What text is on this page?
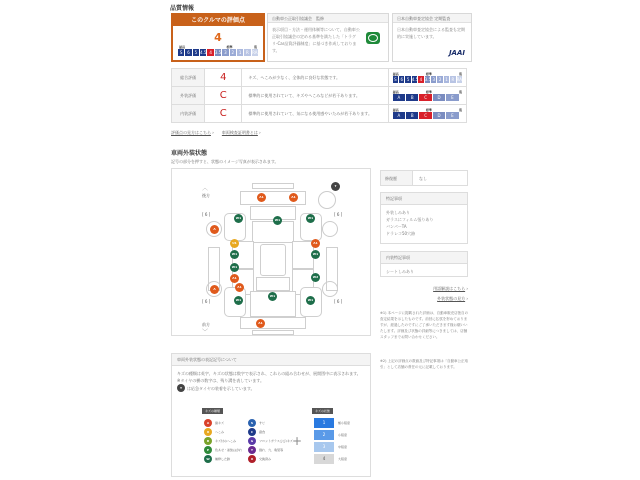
品質情報
このクルマの評価点
4
最高	標準	低
S	6	5 4.5 4 3.5 3	2	1	R RA
自動車公正取引協議会　監修
表示項目・方法・運用体制等について、自動車公正取引協議会の定める基準を満たした「トラグリ-Car品質評価制度」に基づき作成しております。
日本自動車査定協会 定期監査
日本自動車査定協会による監査も定期的に実施しています。
JAAI
総合評価	4	キズ、へこみが少なく、全体的に良好な状態です。	
最高	標準	低
S 6 5 4.5 4 3.5 3 2 1 R RA

外装評価	C	標準的に使用されていて、キズやへこみなどが若干あります。	
最高	標準	低
A	B	C	D	E

内装評価	C	標準的に使用されていて、気になる使用感やいたみが若干あります。	
最高	標準	低
A	B	C	D	E
評価点の見方はこちら › 車両検査証明書とは ›
車両外装状態
記号の部分を押すと、状態のイメージ写真が表示されます。
︿
後方
前方
﹀
[ 6 ]	[ 6 ]
[ 6 ]	[ 6 ]
T
A1	A1
W1	W1	W1
A
U1	A1
W1	W1
W1
A1	W2
A	A1
W1
W1	W1
A1
修復歴	なし
特記事項
外装しみあり
ガラスにフィルム張りあり
バンパーTA
ドラレコ50穴跡
内装特記事項
シートしみあり
用語解説はこちら ›
外装状態の見方 ›
※1) 本ページに掲載された評価は、自動車販売店独自の査定結果を示したものです。前回に払拭を努めておりますが、経過したのですにご了承いただきます様お願いいたします。評価及び状態の詳細等につきましては、店舗スタッフまでお問い合わせください。
※2) 上記の評価点の数値及び特記事項は「自動車公正取引」として店舗の責任の元に記載しております。
車両外装状態の表記記号について
キズの種類は英字、キズの状態は数字で表示され、これらの組み合わせが、展開図中に表示されます。
※タイヤの横の数字は、残り溝を表しています。
T	は応急タイヤの装着を示しています。
キズの種類
A	線キズ
U	へこみ
B	キズ付のへこみ
P	色あせ・塗装はがれ
W	補修した跡
S	サビ
C	腐食
G	フロントガラスひび/キズ
Y	割れ、穴、亀裂等
X	交換済み
+
キズの状態
1	極小程度
2	小程度
3	中程度
4	大程度
